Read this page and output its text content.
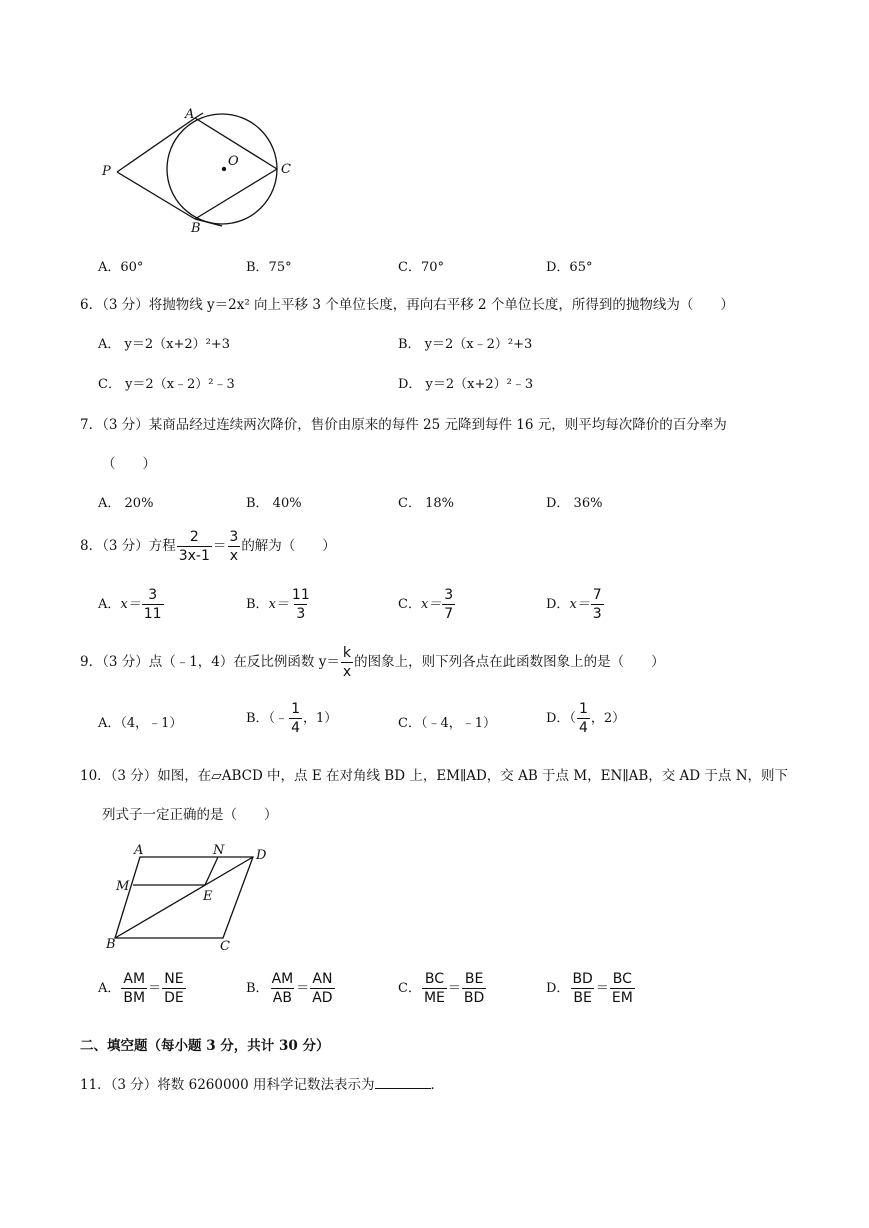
A
O
C
P
B
A．60°	B．75°	C．70°	D．65°
6．（3 分）将抛物线 y＝2x² 向上平移 3 个单位长度，再向右平移 2 个单位长度，所得到的抛物线为（　　）
A． y＝2（x+2）²+3	B． y＝2（x﹣2）²+3
C． y＝2（x﹣2）²﹣3	D． y＝2（x+2）²﹣3
7．（3 分）某商品经过连续两次降价，售价由原来的每件 25 元降到每件 16 元，则平均每次降价的百分率为
（　　）
A． 20%	B． 40%	C． 18%	D． 36%
8．（3 分）方程 $\frac{2}{3x-1} = \frac{3}{x}$ 的解为（　　）
A．$x= \frac{3}{11}$	B．$x= \frac{11}{3}$	C．$x= \frac{3}{7}$	D．$x= \frac{7}{3}$
9．（3 分）点（﹣1，4）在反比例函数 $y= \frac{k}{x}$ 的图象上，则下列各点在此函数图象上的是（　　）
A．（4，﹣1）	B．（﹣ $\frac{1}{4}$ ，1）	C．（﹣4，﹣1）	D．（ $\frac{1}{4}$ ，2）
10．（3 分）如图，在▱ABCD 中，点 E 在对角线 BD 上，EM∥AD，交 AB 于点 M，EN∥AB，交 AD 于点 N，则下
列式子一定正确的是（　　）
A	N D
M
E
B	C
A． $\frac{AM}{BM} = \frac{NE}{DE}$	B． $\frac{AM}{AB} = \frac{AN}{AD}$	C． $\frac{BC}{ME} = \frac{BE}{BD}$	D． $\frac{BD}{BE} = \frac{BC}{EM}$
二、填空题（每小题 3 分，共计 30 分）
11．（3 分）将数 6260000 用科学记数法表示为	．
